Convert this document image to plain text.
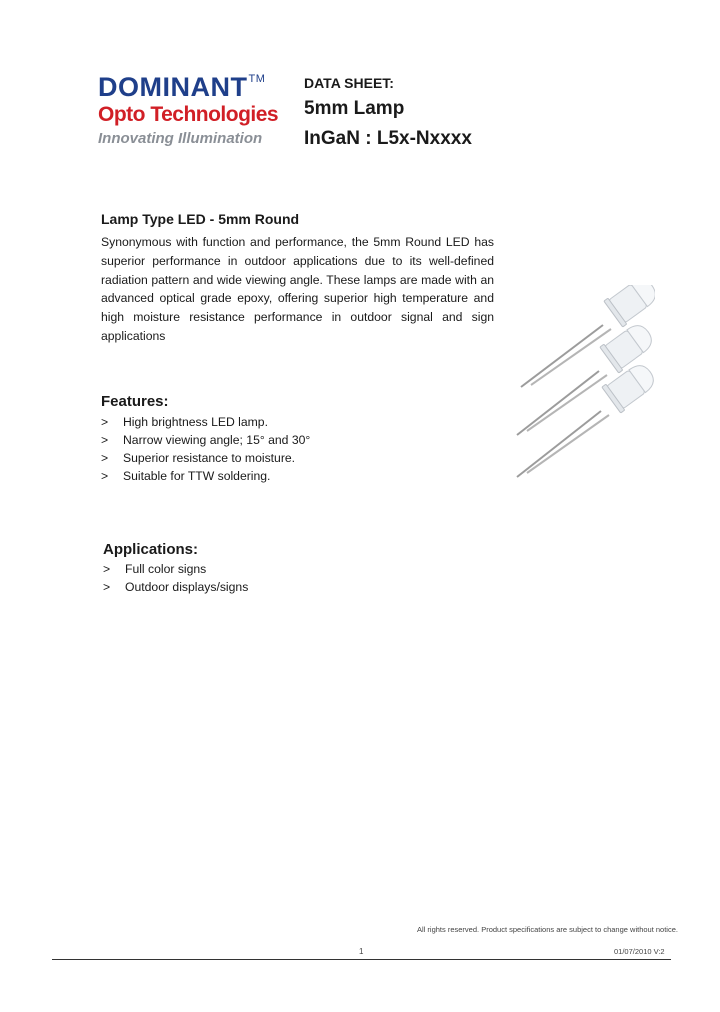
DOMINANT™
Opto Technologies
Innovating Illumination
DATA SHEET:
5mm Lamp
InGaN : L5x-Nxxxx
Lamp Type LED - 5mm Round
Synonymous with function and performance, the 5mm Round LED has superior performance in outdoor applications due to its well-defined radiation pattern and wide viewing angle. These lamps are made with an advanced optical grade epoxy, offering superior high temperature and high moisture resistance performance in outdoor signal and sign applications
Features:
> High brightness LED lamp.
> Narrow viewing angle; 15° and 30°
> Superior resistance to moisture.
> Suitable for TTW soldering.
Applications:
> Full color signs
> Outdoor displays/signs
All rights reserved. Product specifications are subject to change without notice.
1	01/07/2010 V:2
